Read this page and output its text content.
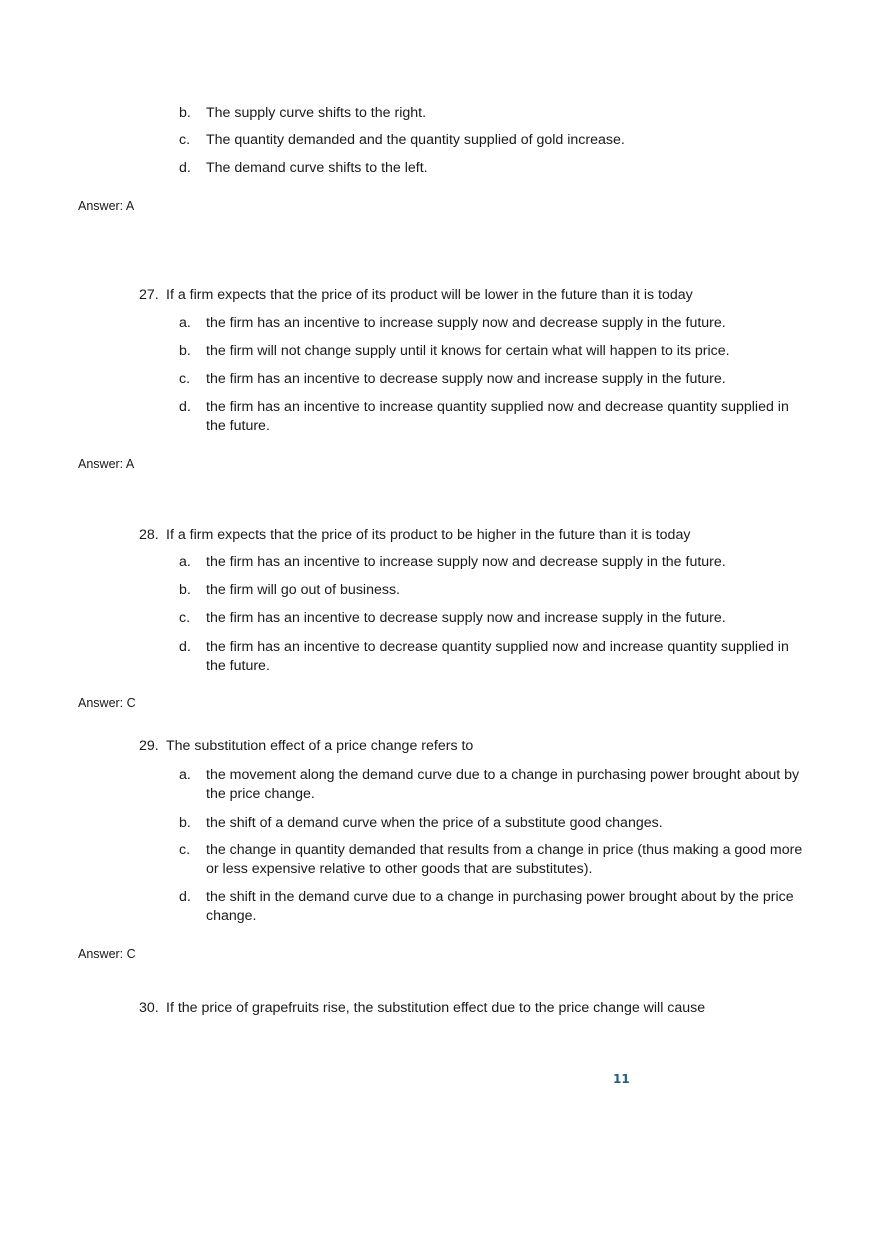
b.	The supply curve shifts to the right.
c.	The quantity demanded and the quantity supplied of gold increase.
d.	The demand curve shifts to the left.
Answer: A
27. If a firm expects that the price of its product will be lower in the future than it is today
a.	the firm has an incentive to increase supply now and decrease supply in the future.
b.	the firm will not change supply until it knows for certain what will happen to its price.
c.	the firm has an incentive to decrease supply now and increase supply in the future.
d.	the firm has an incentive to increase quantity supplied now and decrease quantity supplied in the future.
Answer: A
28. If a firm expects that the price of its product to be higher in the future than it is today
a.	the firm has an incentive to increase supply now and decrease supply in the future.
b.	the firm will go out of business.
c.	the firm has an incentive to decrease supply now and increase supply in the future.
d.	the firm has an incentive to decrease quantity supplied now and increase quantity supplied in the future.
Answer: C
29. The substitution effect of a price change refers to
a.	the movement along the demand curve due to a change in purchasing power brought about by the price change.
b.	the shift of a demand curve when the price of a substitute good changes.
c.	the change in quantity demanded that results from a change in price (thus making a good more or less expensive relative to other goods that are substitutes).
d.	the shift in the demand curve due to a change in purchasing power brought about by the price change.
Answer: C
30. If the price of grapefruits rise, the substitution effect due to the price change will cause
11
